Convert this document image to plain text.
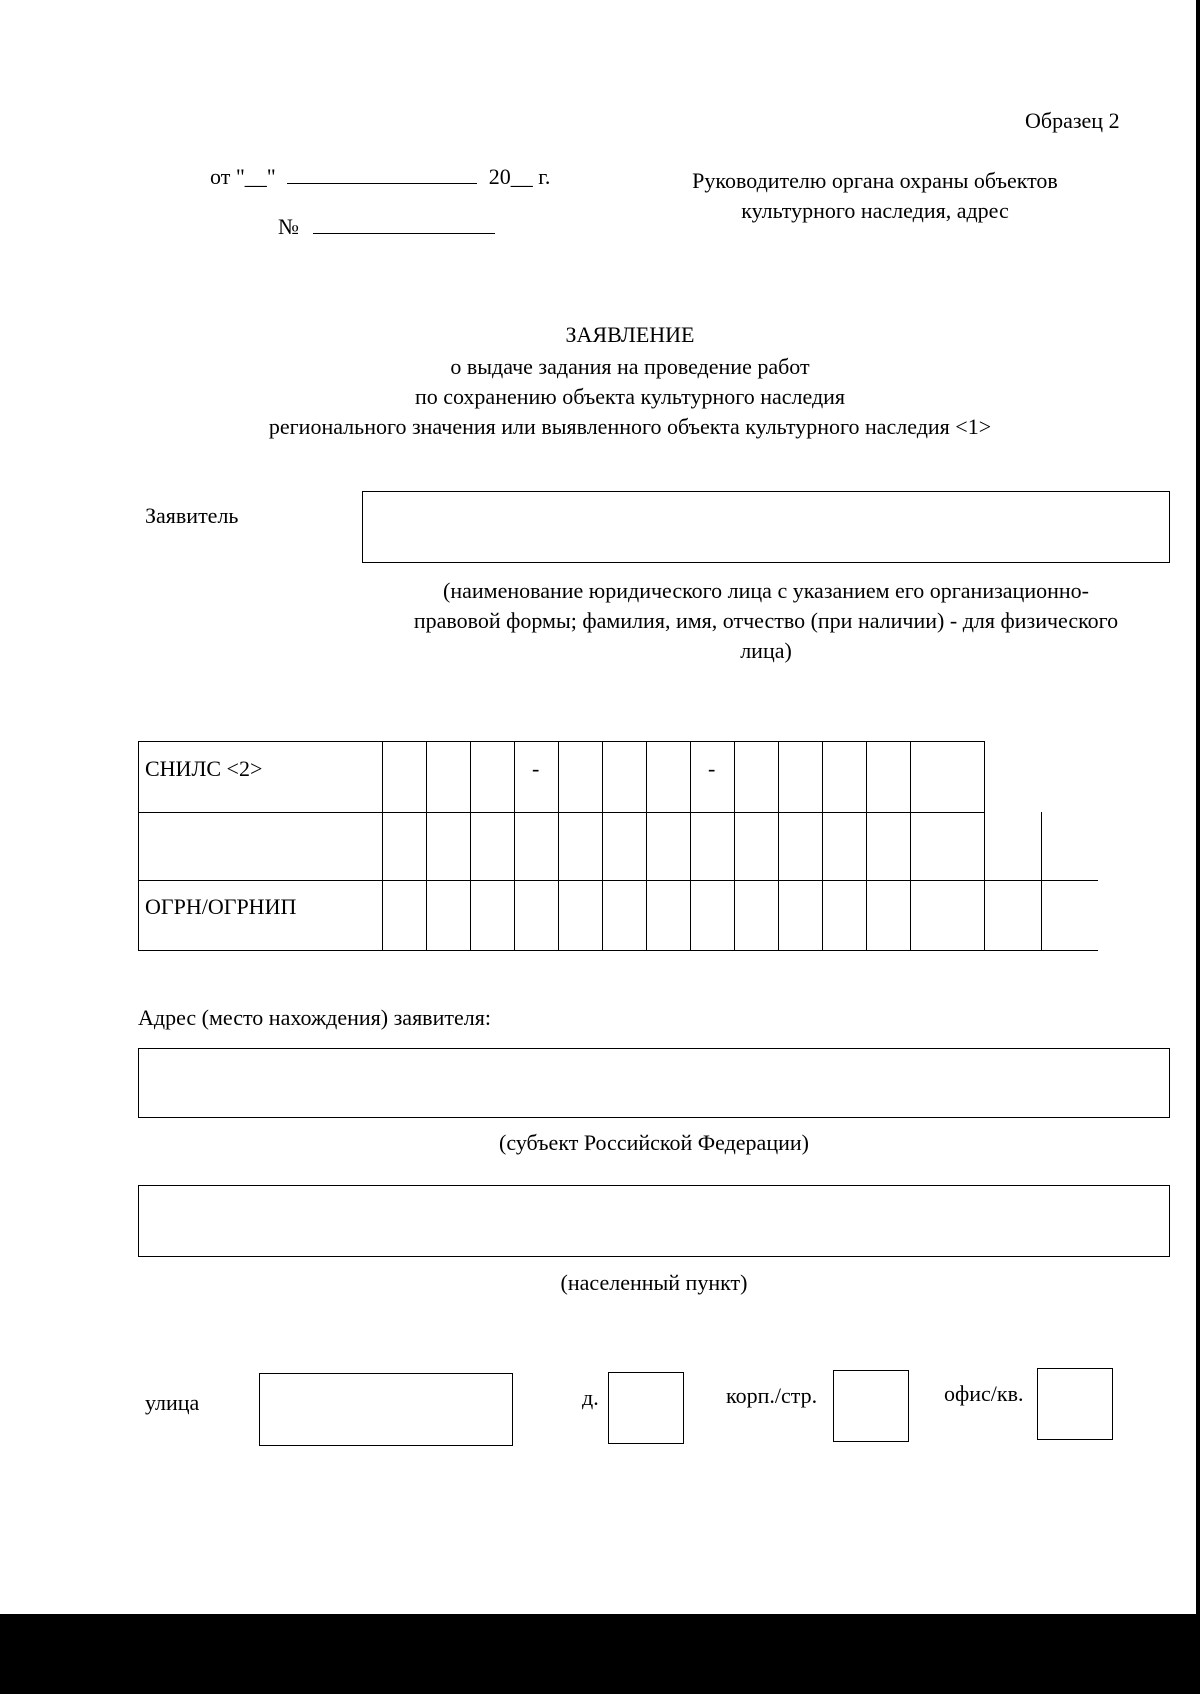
Образец 2
от "__"	20__ г.
№
Руководителю органа охраны объектов
культурного наследия, адрес
ЗАЯВЛЕНИЕ
о выдаче задания на проведение работ
по сохранению объекта культурного наследия
регионального значения или выявленного объекта культурного наследия <1>
Заявитель
(наименование юридического лица с указанием его организационно-
правовой формы; фамилия, имя, отчество (при наличии) - для физического
лица)
СНИЛС <2>	-	-
ОГРН/ОГРНИП
Адрес (место нахождения) заявителя:
(субъект Российской Федерации)
(населенный пункт)
улица	д.	корп./стр.	офис/кв.
